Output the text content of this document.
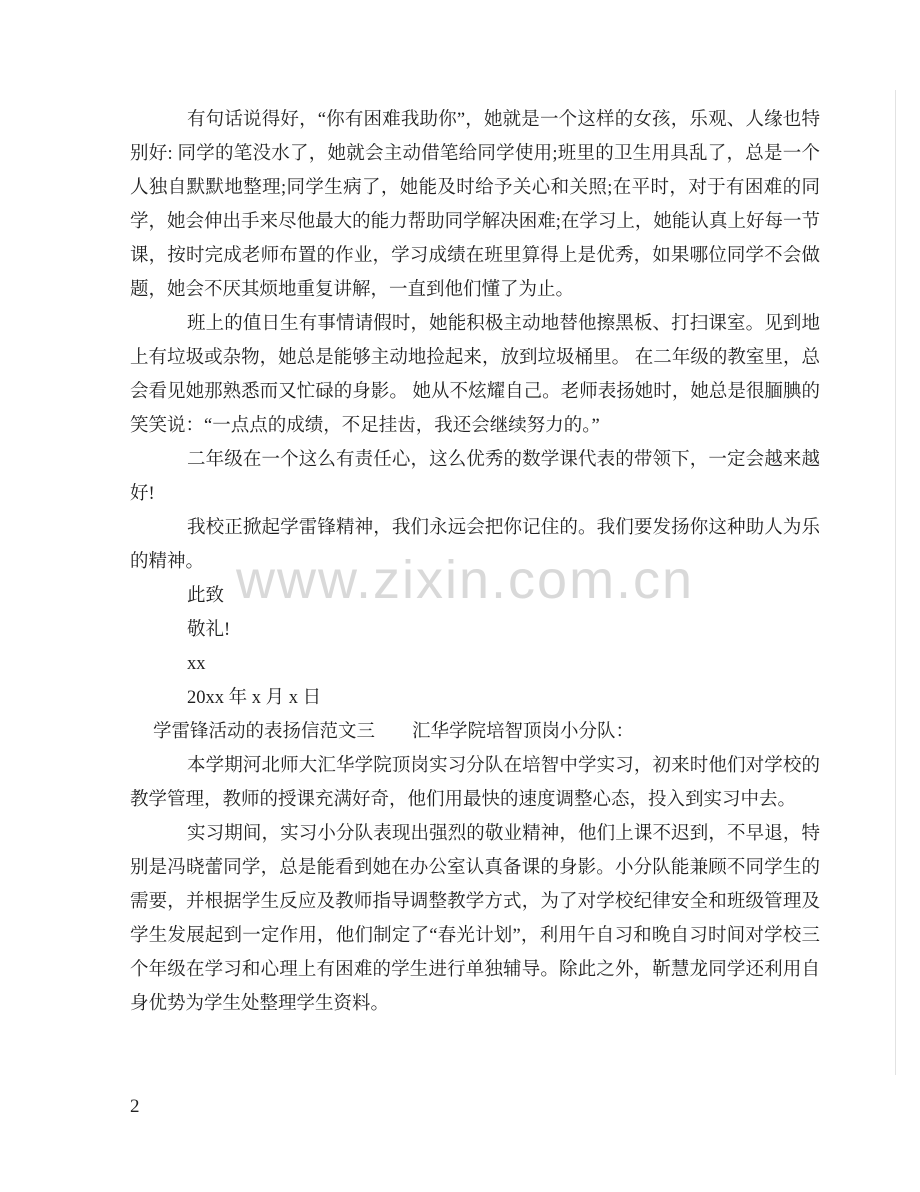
www.zixin.com.cn

有句话说得好，“你有困难我助你”，她就是一个这样的女孩，乐观、人缘也特别好: 同学的笔没水了，她就会主动借笔给同学使用;班里的卫生用具乱了，总是一个人独自默默地整理;同学生病了，她能及时给予关心和关照;在平时，对于有困难的同学，她会伸出手来尽他最大的能力帮助同学解决困难;在学习上，她能认真上好每一节课，按时完成老师布置的作业，学习成绩在班里算得上是优秀，如果哪位同学不会做题，她会不厌其烦地重复讲解，一直到他们懂了为止。

班上的值日生有事情请假时，她能积极主动地替他擦黑板、打扫课室。见到地上有垃圾或杂物，她总是能够主动地捡起来，放到垃圾桶里。 在二年级的教室里，总会看见她那熟悉而又忙碌的身影。 她从不炫耀自己。老师表扬她时，她总是很腼腆的笑笑说：“一点点的成绩，不足挂齿，我还会继续努力的。”

二年级在一个这么有责任心，这么优秀的数学课代表的带领下，一定会越来越好!

我校正掀起学雷锋精神，我们永远会把你记住的。我们要发扬你这种助人为乐的精神。

此致

敬礼!

xx

20xx 年 x 月 x 日

学雷锋活动的表扬信范文三　　汇华学院培智顶岗小分队：

本学期河北师大汇华学院顶岗实习分队在培智中学实习，初来时他们对学校的教学管理，教师的授课充满好奇，他们用最快的速度调整心态，投入到实习中去。

实习期间，实习小分队表现出强烈的敬业精神，他们上课不迟到，不早退，特别是冯晓蕾同学，总是能看到她在办公室认真备课的身影。小分队能兼顾不同学生的需要，并根据学生反应及教师指导调整教学方式，为了对学校纪律安全和班级管理及学生发展起到一定作用，他们制定了“春光计划”，利用午自习和晚自习时间对学校三个年级在学习和心理上有困难的学生进行单独辅导。除此之外，靳慧龙同学还利用自身优势为学生处整理学生资料。

2
